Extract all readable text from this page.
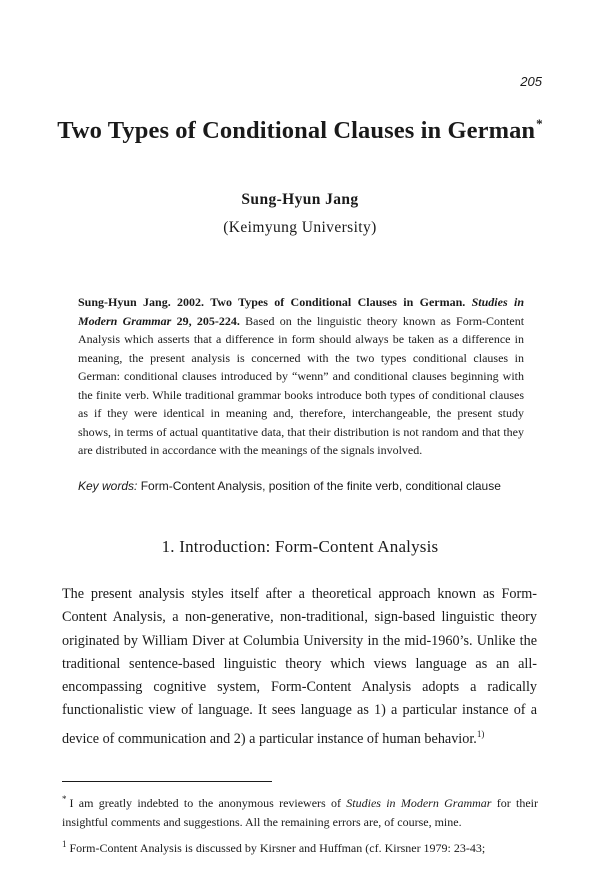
205
Two Types of Conditional Clauses in German*
Sung-Hyun Jang
(Keimyung University)
Sung-Hyun Jang. 2002. Two Types of Conditional Clauses in German. Studies in Modern Grammar 29, 205-224. Based on the linguistic theory known as Form-Content Analysis which asserts that a difference in form should always be taken as a difference in meaning, the present analysis is concerned with the two types conditional clauses in German: conditional clauses introduced by “wenn” and conditional clauses beginning with the finite verb. While traditional grammar books introduce both types of conditional clauses as if they were identical in meaning and, therefore, interchangeable, the present study shows, in terms of actual quantitative data, that their distribution is not random and that they are distributed in accordance with the meanings of the signals involved.
Key words: Form-Content Analysis, position of the finite verb, conditional clause
1. Introduction: Form-Content Analysis
The present analysis styles itself after a theoretical approach known as Form-Content Analysis, a non-generative, non-traditional, sign-based linguistic theory originated by William Diver at Columbia University in the mid-1960’s. Unlike the traditional sentence-based linguistic theory which views language as an all-encompassing cognitive system, Form-Content Analysis adopts a radically functionalistic view of language. It sees language as 1) a particular instance of a device of communication and 2) a particular instance of human behavior.$^{1)}$

* I am greatly indebted to the anonymous reviewers of Studies in Modern Grammar for their insightful comments and suggestions. All the remaining errors are, of course, mine.

$^1$ Form-Content Analysis is discussed by Kirsner and Huffman (cf. Kirsner 1979: 23-43;
